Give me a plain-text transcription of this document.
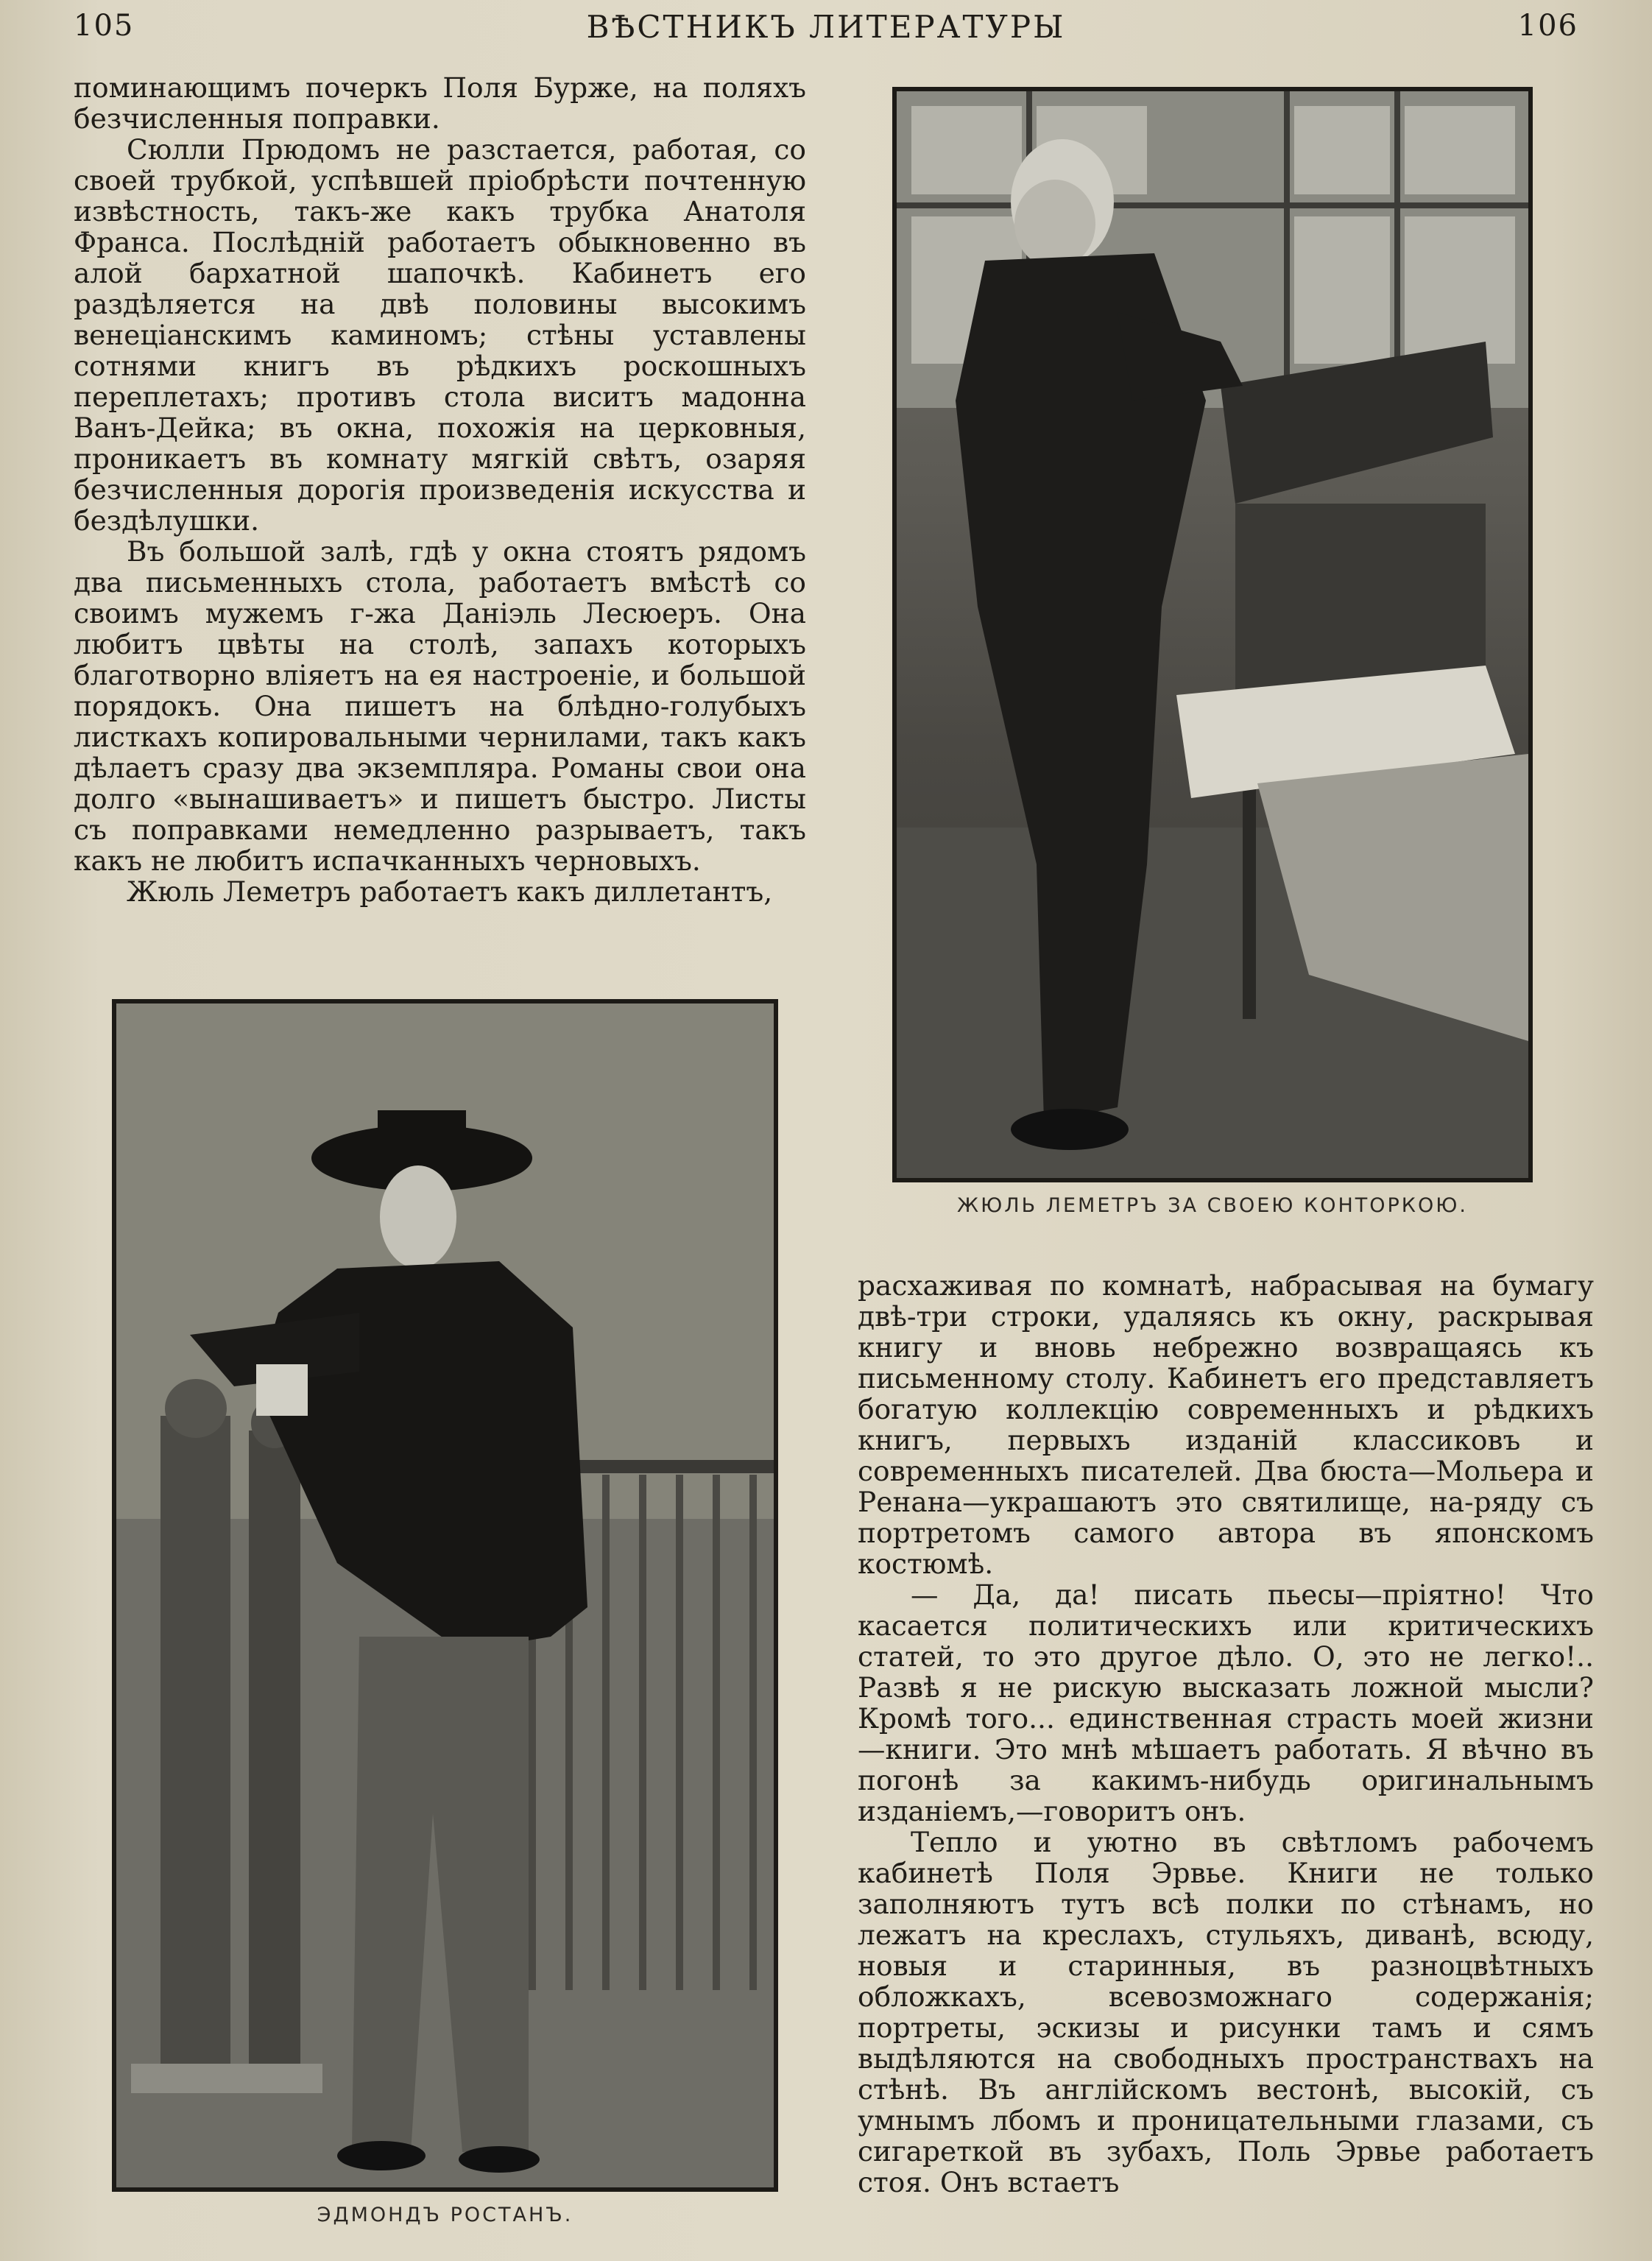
105	ВѢСТНИКЪ ЛИТЕРАТУРЫ	106

поминающимъ почеркъ Поля Бурже, на поляхъ безчисленныя поправки.

Сюлли Прюдомъ не разстается, работая, со своей трубкой, успѣвшей пріобрѣсти почтенную извѣстность, такъ-же какъ трубка Анатоля Франса. Послѣдній работаетъ обыкновенно въ алой бархатной шапочкѣ. Кабинетъ его раздѣляется на двѣ половины высокимъ венеціанскимъ каминомъ; стѣны уставлены сотнями книгъ въ рѣдкихъ роскошныхъ переплетахъ; противъ стола виситъ мадонна Ванъ-Дейка; въ окна, похожія на церковныя, проникаетъ въ комнату мягкій свѣтъ, озаряя безчисленныя дорогія произведенія искусства и бездѣлушки.

Въ большой залѣ, гдѣ у окна стоятъ рядомъ два письменныхъ стола, работаетъ вмѣстѣ со своимъ мужемъ г-жа Даніэль Лесюеръ. Она любитъ цвѣты на столѣ, запахъ которыхъ благотворно вліяетъ на ея настроеніе, и большой порядокъ. Она пишетъ на блѣдно-голубыхъ листкахъ копировальными чернилами, такъ какъ дѣлаетъ сразу два экземпляра. Романы свои она долго «вынашиваетъ» и пишетъ быстро. Листы съ поправками немедленно разрываетъ, такъ какъ не любитъ испачканныхъ черновыхъ.

Жюль Леметръ работаетъ какъ диллетантъ,

ЖЮЛЬ ЛЕМЕТРЪ ЗА СВОЕЮ КОНТОРКОЮ.
ЭДМОНДЪ РОСТАНЪ.

расхаживая по комнатѣ, набрасывая на бумагу двѣ-три строки, удаляясь къ окну, раскрывая книгу и вновь небрежно возвращаясь къ письменному столу. Кабинетъ его представляетъ богатую коллекцію современныхъ и рѣдкихъ книгъ, первыхъ изданій классиковъ и современныхъ писателей. Два бюста—Мольера и Ренана—украшаютъ это святилище, на-ряду съ портретомъ самого автора въ японскомъ костюмѣ.

— Да, да! писать пьесы—пріятно! Что касается политическихъ или критическихъ статей, то это другое дѣло. О, это не легко!.. Развѣ я не рискую высказать ложной мысли? Кромѣ того... единственная страсть моей жизни—книги. Это мнѣ мѣшаетъ работать. Я вѣчно въ погонѣ за какимъ-нибудь оригинальнымъ изданіемъ,—говоритъ онъ.

Тепло и уютно въ свѣтломъ рабочемъ кабинетѣ Поля Эрвье. Книги не только заполняютъ тутъ всѣ полки по стѣнамъ, но лежатъ на креслахъ, стульяхъ, диванѣ, всюду, новыя и старинныя, въ разноцвѣтныхъ обложкахъ, всевозможнаго содержанія; портреты, эскизы и рисунки тамъ и сямъ выдѣляются на свободныхъ пространствахъ на стѣнѣ. Въ англійскомъ вестонѣ, высокій, съ умнымъ лбомъ и проницательными глазами, съ сигареткой въ зубахъ, Поль Эрвье работаетъ стоя. Онъ встаетъ
